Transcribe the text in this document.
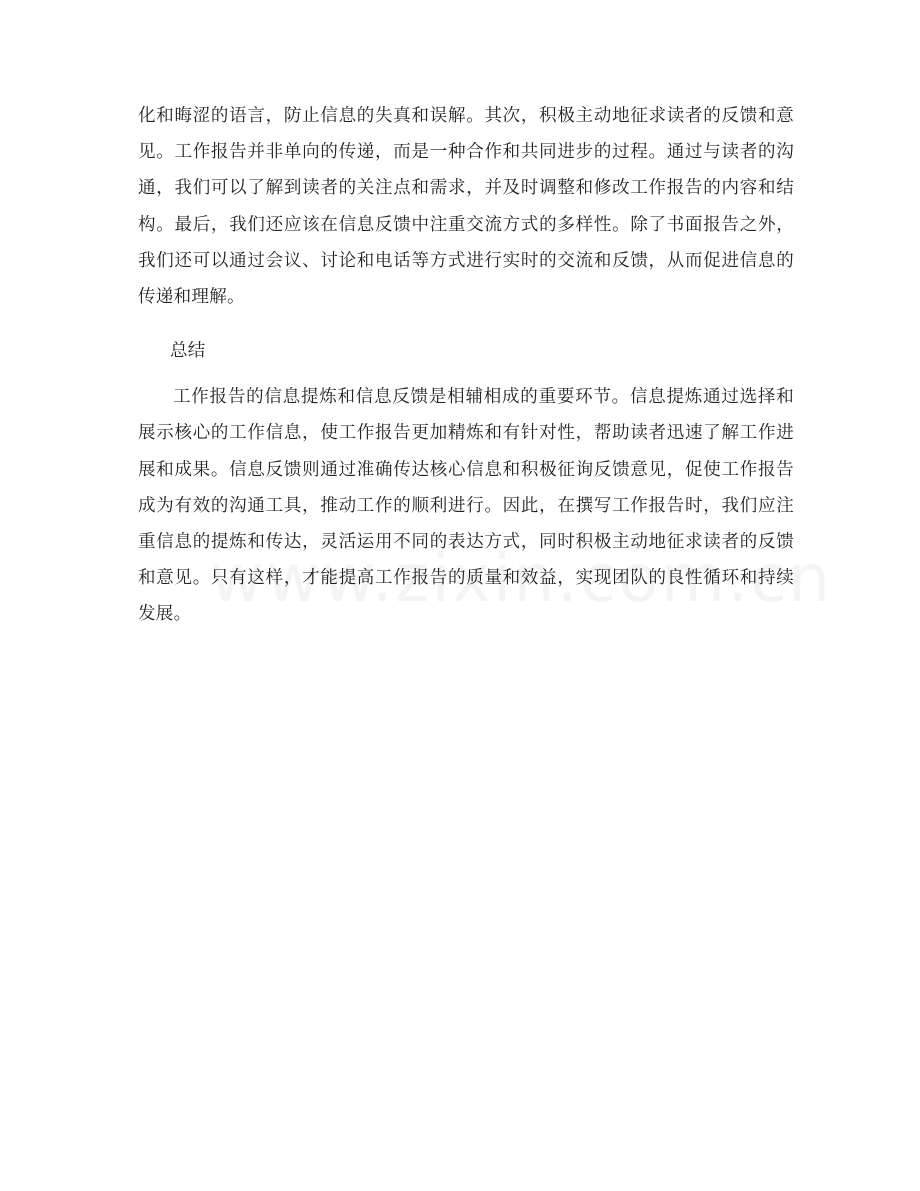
化和晦涩的语言，防止信息的失真和误解。其次，积极主动地征求读者的反馈和意见。工作报告并非单向的传递，而是一种合作和共同进步的过程。通过与读者的沟通，我们可以了解到读者的关注点和需求，并及时调整和修改工作报告的内容和结构。最后，我们还应该在信息反馈中注重交流方式的多样性。除了书面报告之外，我们还可以通过会议、讨论和电话等方式进行实时的交流和反馈，从而促进信息的传递和理解。

总结

工作报告的信息提炼和信息反馈是相辅相成的重要环节。信息提炼通过选择和展示核心的工作信息，使工作报告更加精炼和有针对性，帮助读者迅速了解工作进展和成果。信息反馈则通过准确传达核心信息和积极征询反馈意见，促使工作报告成为有效的沟通工具，推动工作的顺利进行。因此，在撰写工作报告时，我们应注重信息的提炼和传达，灵活运用不同的表达方式，同时积极主动地征求读者的反馈和意见。只有这样，才能提高工作报告的质量和效益，实现团队的良性循环和持续发展。
